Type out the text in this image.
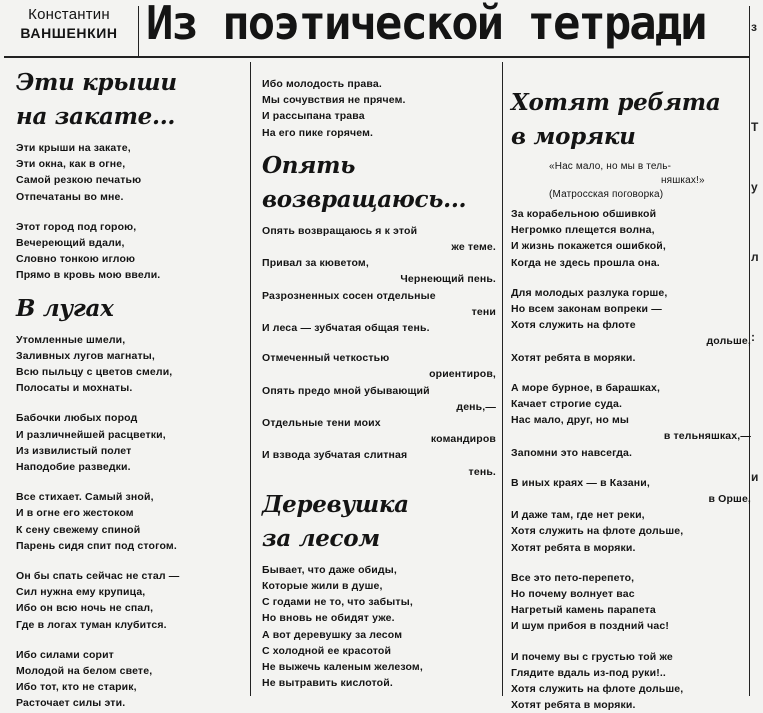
Константин
ВАНШЕНКИН Из поэтической тетради
Эти крыши
на закате...
Эти крыши на закате,
Эти окна, как в огне,
Самой резкою печатью
Отпечатаны во мне.
Этот город под горою,
Вечереющий вдали,
Словно тонкою иглою
Прямо в кровь мою ввели.
В лугах
Утомленные шмели,
Заливных лугов магнаты,
Всю пыльцу с цветов смели,
Полосаты и мохнаты.
Бабочки любых пород
И различнейшей расцветки,
Из извилистый полет
Наподобие разведки.
Все стихает. Самый зной,
И в огне его жестоком
К сену свежему спиной
Парень сидя спит под стогом.
Он бы спать сейчас не стал —
Сил нужна ему крупица,
Ибо он всю ночь не спал,
Где в логах туман клубится.
Ибо силами сорит
Молодой на белом свете,
Ибо тот, кто не старик,
Расточает силы эти.
Ибо молодость права.
Мы сочувствия не прячем.
И рассыпана трава
На его пике горячем.
Опять
возвращаюсь...
Опять возвращаюсь я к этой
же теме.
Привал за кюветом,
Чернеющий пень.
Разрозненных сосен отдельные
тени
И леса — зубчатая общая тень.
Отмеченный четкостью
ориентиров,
Опять предо мной убывающий
день,—
Отдельные тени моих
командиров
И взвода зубчатая слитная
тень.
Деревушка
за лесом
Бывает, что даже обиды,
Которые жили в душе,
С годами не то, что забыты,
Но вновь не обидят уже.
А вот деревушку за лесом
С холодной ее красотой
Не выжечь каленым железом,
Не вытравить кислотой.
Хотят ребята
в моряки
«Нас мало, но мы в тель-
няшках!»
(Матросская поговорка)
За корабельною обшивкой
Негромко плещется волна,
И жизнь покажется ошибкой,
Когда не здесь прошла она.
Для молодых разлука горше,
Но всем законам вопреки —
Хотя служить на флоте
дольше,
Хотят ребята в моряки.
А море бурное, в барашках,
Качает строгие суда.
Нас мало, друг, но мы
в тельняшках,—
Запомни это навсегда.
В иных краях — в Казани,
в Орше,
И даже там, где нет реки,
Хотя служить на флоте дольше,
Хотят ребята в моряки.
Все это пето-перепето,
Но почему волнует вас
Нагретый камень парапета
И шум прибоя в поздний час!
И почему вы с грустью той же
Глядите вдаль из-под руки!..
Хотя служить на флоте дольше,
Хотят ребята в моряки.
з
Т
у
л
:
и
